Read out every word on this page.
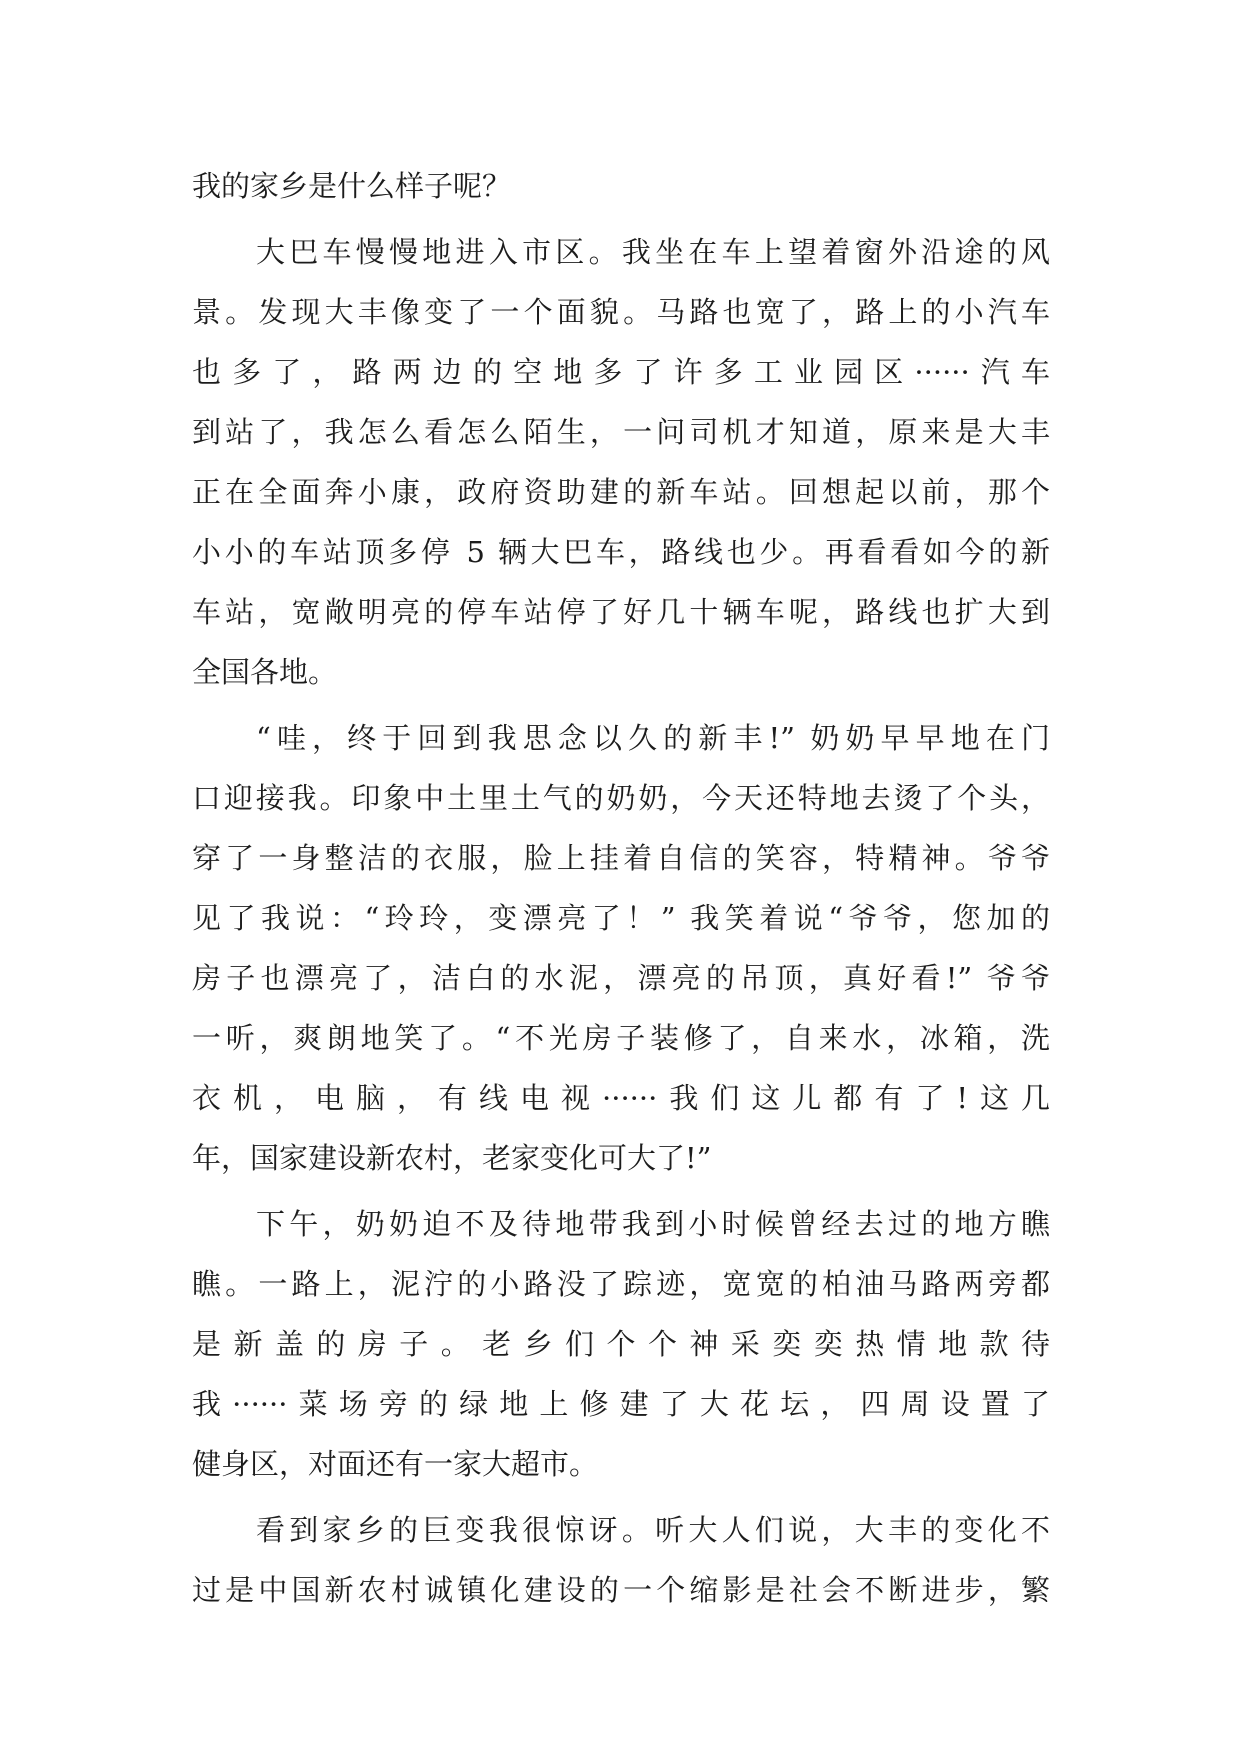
我的家乡是什么样子呢？
大巴车慢慢地进入市区。我坐在车上望着窗外沿途的风
景。发现大丰像变了一个面貌。马路也宽了，路上的小汽车
也多了，路两边的空地多了许多工业园区······汽车
到站了，我怎么看怎么陌生，一问司机才知道，原来是大丰
正在全面奔小康，政府资助建的新车站。回想起以前，那个
小小的车站顶多停 5 辆大巴车，路线也少。再看看如今的新
车站，宽敞明亮的停车站停了好几十辆车呢，路线也扩大到
全国各地。
“哇，终于回到我思念以久的新丰!” 奶奶早早地在门
口迎接我。印象中土里土气的奶奶，今天还特地去烫了个头，
穿了一身整洁的衣服，脸上挂着自信的笑容，特精神。爷爷
见了我说：“玲玲，变漂亮了！” 我笑着说“爷爷，您加的
房子也漂亮了，洁白的水泥，漂亮的吊顶，真好看!” 爷爷
一听，爽朗地笑了。“不光房子装修了，自来水，冰箱，洗
衣机，电脑，有线电视······我们这儿都有了!这几
年，国家建设新农村，老家变化可大了!”
下午，奶奶迫不及待地带我到小时候曾经去过的地方瞧
瞧。一路上，泥泞的小路没了踪迹，宽宽的柏油马路两旁都
是新盖的房子。老乡们个个神采奕奕热情地款待
我······菜场旁的绿地上修建了大花坛，四周设置了
健身区，对面还有一家大超市。
看到家乡的巨变我很惊讶。听大人们说，大丰的变化不
过是中国新农村诚镇化建设的一个缩影是社会不断进步，繁
